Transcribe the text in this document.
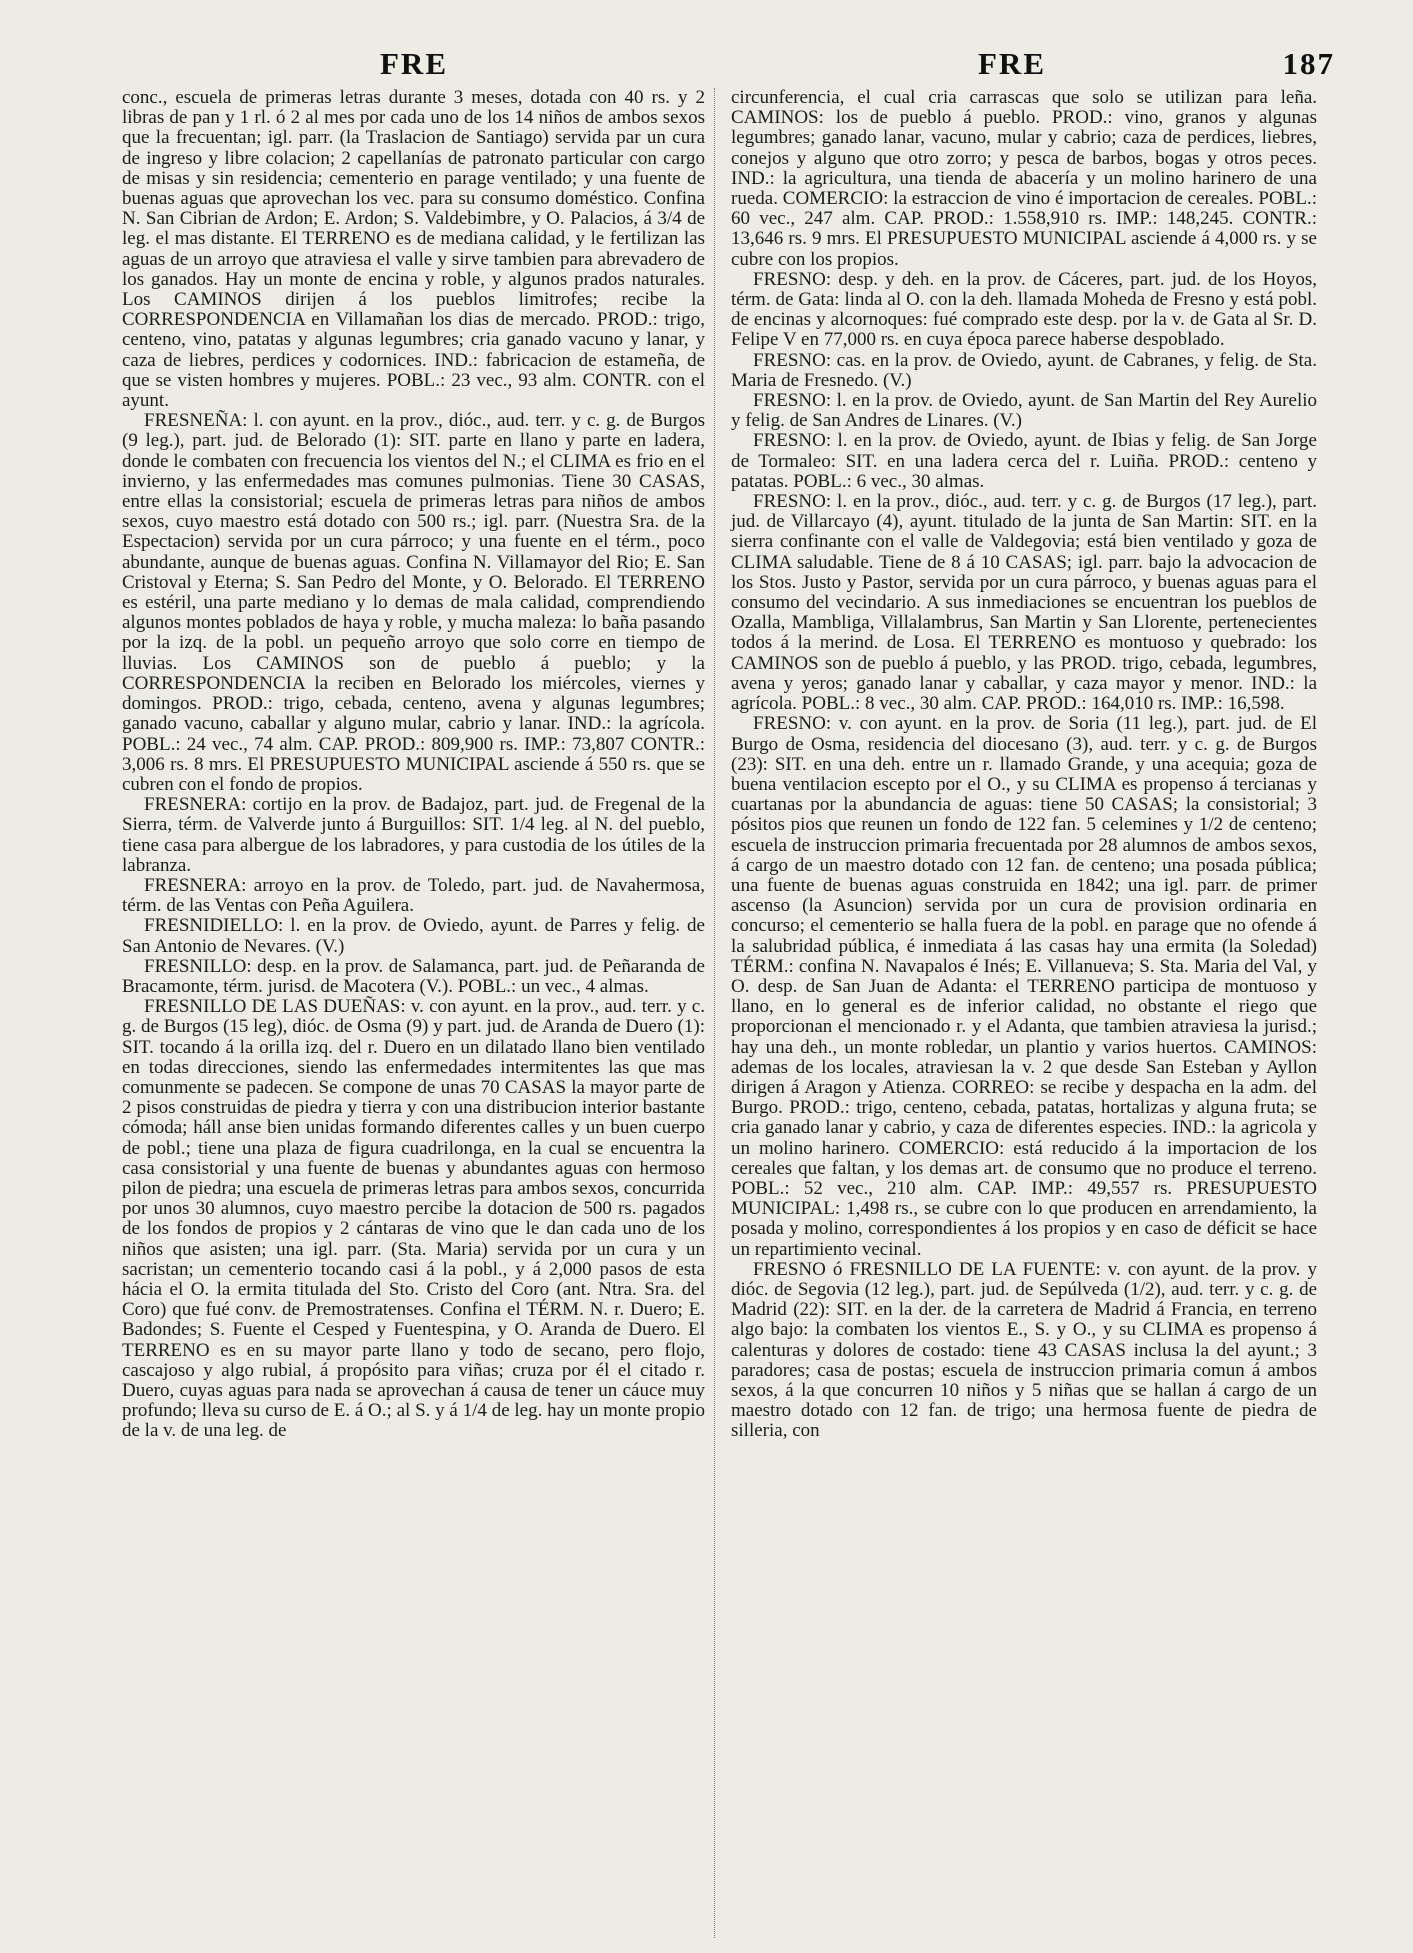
FRE	FRE	187

conc., escuela de primeras letras durante 3 meses, dotada con 40 rs. y 2 libras de pan y 1 rl. ó 2 al mes por cada uno de los 14 niños de ambos sexos que la frecuentan; igl. parr. (la Traslacion de Santiago) servida par un cura de ingreso y libre colacion; 2 capellanías de patronato particular con cargo de misas y sin residencia; cementerio en parage ventilado; y una fuente de buenas aguas que aprovechan los vec. para su consumo doméstico. Confina N. San Cibrian de Ardon; E. Ardon; S. Valdebimbre, y O. Palacios, á 3/4 de leg. el mas distante. El TERRENO es de mediana calidad, y le fertilizan las aguas de un arroyo que atraviesa el valle y sirve tambien para abrevadero de los ganados. Hay un monte de encina y roble, y algunos prados naturales. Los CAMINOS dirijen á los pueblos limitrofes; recibe la CORRESPONDENCIA en Villamañan los dias de mercado. PROD.: trigo, centeno, vino, patatas y algunas legumbres; cria ganado vacuno y lanar, y caza de liebres, perdices y codornices. IND.: fabricacion de estameña, de que se visten hombres y mujeres. POBL.: 23 vec., 93 alm. CONTR. con el ayunt.

FRESNEÑA: l. con ayunt. en la prov., dióc., aud. terr. y c. g. de Burgos (9 leg.), part. jud. de Belorado (1): SIT. parte en llano y parte en ladera, donde le combaten con frecuencia los vientos del N.; el CLIMA es frio en el invierno, y las enfermedades mas comunes pulmonias. Tiene 30 CASAS, entre ellas la consistorial; escuela de primeras letras para niños de ambos sexos, cuyo maestro está dotado con 500 rs.; igl. parr. (Nuestra Sra. de la Espectacion) servida por un cura párroco; y una fuente en el térm., poco abundante, aunque de buenas aguas. Confina N. Villamayor del Rio; E. San Cristoval y Eterna; S. San Pedro del Monte, y O. Belorado. El TERRENO es estéril, una parte mediano y lo demas de mala calidad, comprendiendo algunos montes poblados de haya y roble, y mucha maleza: lo baña pasando por la izq. de la pobl. un pequeño arroyo que solo corre en tiempo de lluvias. Los CAMINOS son de pueblo á pueblo; y la CORRESPONDENCIA la reciben en Belorado los miércoles, viernes y domingos. PROD.: trigo, cebada, centeno, avena y algunas legumbres; ganado vacuno, caballar y alguno mular, cabrio y lanar. IND.: la agrícola. POBL.: 24 vec., 74 alm. CAP. PROD.: 809,900 rs. IMP.: 73,807 CONTR.: 3,006 rs. 8 mrs. El PRESUPUESTO MUNICIPAL asciende á 550 rs. que se cubren con el fondo de propios.

FRESNERA: cortijo en la prov. de Badajoz, part. jud. de Fregenal de la Sierra, térm. de Valverde junto á Burguillos: SIT. 1/4 leg. al N. del pueblo, tiene casa para albergue de los labradores, y para custodia de los útiles de la labranza.

FRESNERA: arroyo en la prov. de Toledo, part. jud. de Navahermosa, térm. de las Ventas con Peña Aguilera.

FRESNIDIELLO: l. en la prov. de Oviedo, ayunt. de Parres y felig. de San Antonio de Nevares. (V.)

FRESNILLO: desp. en la prov. de Salamanca, part. jud. de Peñaranda de Bracamonte, térm. jurisd. de Macotera (V.). POBL.: un vec., 4 almas.

FRESNILLO DE LAS DUEÑAS: v. con ayunt. en la prov., aud. terr. y c. g. de Burgos (15 leg), dióc. de Osma (9) y part. jud. de Aranda de Duero (1): SIT. tocando á la orilla izq. del r. Duero en un dilatado llano bien ventilado en todas direcciones, siendo las enfermedades intermitentes las que mas comunmente se padecen. Se compone de unas 70 CASAS la mayor parte de 2 pisos construidas de piedra y tierra y con una distribucion interior bastante cómoda; háll anse bien unidas formando diferentes calles y un buen cuerpo de pobl.; tiene una plaza de figura cuadrilonga, en la cual se encuentra la casa consistorial y una fuente de buenas y abundantes aguas con hermoso pilon de piedra; una escuela de primeras letras para ambos sexos, concurrida por unos 30 alumnos, cuyo maestro percibe la dotacion de 500 rs. pagados de los fondos de propios y 2 cántaras de vino que le dan cada uno de los niños que asisten; una igl. parr. (Sta. Maria) servida por un cura y un sacristan; un cementerio tocando casi á la pobl., y á 2,000 pasos de esta hácia el O. la ermita titulada del Sto. Cristo del Coro (ant. Ntra. Sra. del Coro) que fué conv. de Premostratenses. Confina el TÉRM. N. r. Duero; E. Badondes; S. Fuente el Cesped y Fuentespina, y O. Aranda de Duero. El TERRENO es en su mayor parte llano y todo de secano, pero flojo, cascajoso y algo rubial, á propósito para viñas; cruza por él el citado r. Duero, cuyas aguas para nada se aprovechan á causa de tener un cáuce muy profundo; lleva su curso de E. á O.; al S. y á 1/4 de leg. hay un monte propio de la v. de una leg. de

circunferencia, el cual cria carrascas que solo se utilizan para leña. CAMINOS: los de pueblo á pueblo. PROD.: vino, granos y algunas legumbres; ganado lanar, vacuno, mular y cabrio; caza de perdices, liebres, conejos y alguno que otro zorro; y pesca de barbos, bogas y otros peces. IND.: la agricultura, una tienda de abacería y un molino harinero de una rueda. COMERCIO: la estraccion de vino é importacion de cereales. POBL.: 60 vec., 247 alm. CAP. PROD.: 1.558,910 rs. IMP.: 148,245. CONTR.: 13,646 rs. 9 mrs. El PRESUPUESTO MUNICIPAL asciende á 4,000 rs. y se cubre con los propios.

FRESNO: desp. y deh. en la prov. de Cáceres, part. jud. de los Hoyos, térm. de Gata: linda al O. con la deh. llamada Moheda de Fresno y está pobl. de encinas y alcornoques: fué comprado este desp. por la v. de Gata al Sr. D. Felipe V en 77,000 rs. en cuya época parece haberse despoblado.

FRESNO: cas. en la prov. de Oviedo, ayunt. de Cabranes, y felig. de Sta. Maria de Fresnedo. (V.)

FRESNO: l. en la prov. de Oviedo, ayunt. de San Martin del Rey Aurelio y felig. de San Andres de Linares. (V.)

FRESNO: l. en la prov. de Oviedo, ayunt. de Ibias y felig. de San Jorge de Tormaleo: SIT. en una ladera cerca del r. Luiña. PROD.: centeno y patatas. POBL.: 6 vec., 30 almas.

FRESNO: l. en la prov., dióc., aud. terr. y c. g. de Burgos (17 leg.), part. jud. de Villarcayo (4), ayunt. titulado de la junta de San Martin: SIT. en la sierra confinante con el valle de Valdegovia; está bien ventilado y goza de CLIMA saludable. Tiene de 8 á 10 CASAS; igl. parr. bajo la advocacion de los Stos. Justo y Pastor, servida por un cura párroco, y buenas aguas para el consumo del vecindario. A sus inmediaciones se encuentran los pueblos de Ozalla, Mambliga, Villalambrus, San Martin y San Llorente, pertenecientes todos á la merind. de Losa. El TERRENO es montuoso y quebrado: los CAMINOS son de pueblo á pueblo, y las PROD. trigo, cebada, legumbres, avena y yeros; ganado lanar y caballar, y caza mayor y menor. IND.: la agrícola. POBL.: 8 vec., 30 alm. CAP. PROD.: 164,010 rs. IMP.: 16,598.

FRESNO: v. con ayunt. en la prov. de Soria (11 leg.), part. jud. de El Burgo de Osma, residencia del diocesano (3), aud. terr. y c. g. de Burgos (23): SIT. en una deh. entre un r. llamado Grande, y una acequia; goza de buena ventilacion escepto por el O., y su CLIMA es propenso á tercianas y cuartanas por la abundancia de aguas: tiene 50 CASAS; la consistorial; 3 pósitos pios que reunen un fondo de 122 fan. 5 celemines y 1/2 de centeno; escuela de instruccion primaria frecuentada por 28 alumnos de ambos sexos, á cargo de un maestro dotado con 12 fan. de centeno; una posada pública; una fuente de buenas aguas construida en 1842; una igl. parr. de primer ascenso (la Asuncion) servida por un cura de provision ordinaria en concurso; el cementerio se halla fuera de la pobl. en parage que no ofende á la salubridad pública, é inmediata á las casas hay una ermita (la Soledad) TÉRM.: confina N. Navapalos é Inés; E. Villanueva; S. Sta. Maria del Val, y O. desp. de San Juan de Adanta: el TERRENO participa de montuoso y llano, en lo general es de inferior calidad, no obstante el riego que proporcionan el mencionado r. y el Adanta, que tambien atraviesa la jurisd.; hay una deh., un monte robledar, un plantio y varios huertos. CAMINOS: ademas de los locales, atraviesan la v. 2 que desde San Esteban y Ayllon dirigen á Aragon y Atienza. CORREO: se recibe y despacha en la adm. del Burgo. PROD.: trigo, centeno, cebada, patatas, hortalizas y alguna fruta; se cria ganado lanar y cabrio, y caza de diferentes especies. IND.: la agricola y un molino harinero. COMERCIO: está reducido á la importacion de los cereales que faltan, y los demas art. de consumo que no produce el terreno. POBL.: 52 vec., 210 alm. CAP. IMP.: 49,557 rs. PRESUPUESTO MUNICIPAL: 1,498 rs., se cubre con lo que producen en arrendamiento, la posada y molino, correspondientes á los propios y en caso de déficit se hace un repartimiento vecinal.

FRESNO ó FRESNILLO DE LA FUENTE: v. con ayunt. de la prov. y dióc. de Segovia (12 leg.), part. jud. de Sepúlveda (1/2), aud. terr. y c. g. de Madrid (22): SIT. en la der. de la carretera de Madrid á Francia, en terreno algo bajo: la combaten los vientos E., S. y O., y su CLIMA es propenso á calenturas y dolores de costado: tiene 43 CASAS inclusa la del ayunt.; 3 paradores; casa de postas; escuela de instruccion primaria comun á ambos sexos, á la que concurren 10 niños y 5 niñas que se hallan á cargo de un maestro dotado con 12 fan. de trigo; una hermosa fuente de piedra de silleria, con
